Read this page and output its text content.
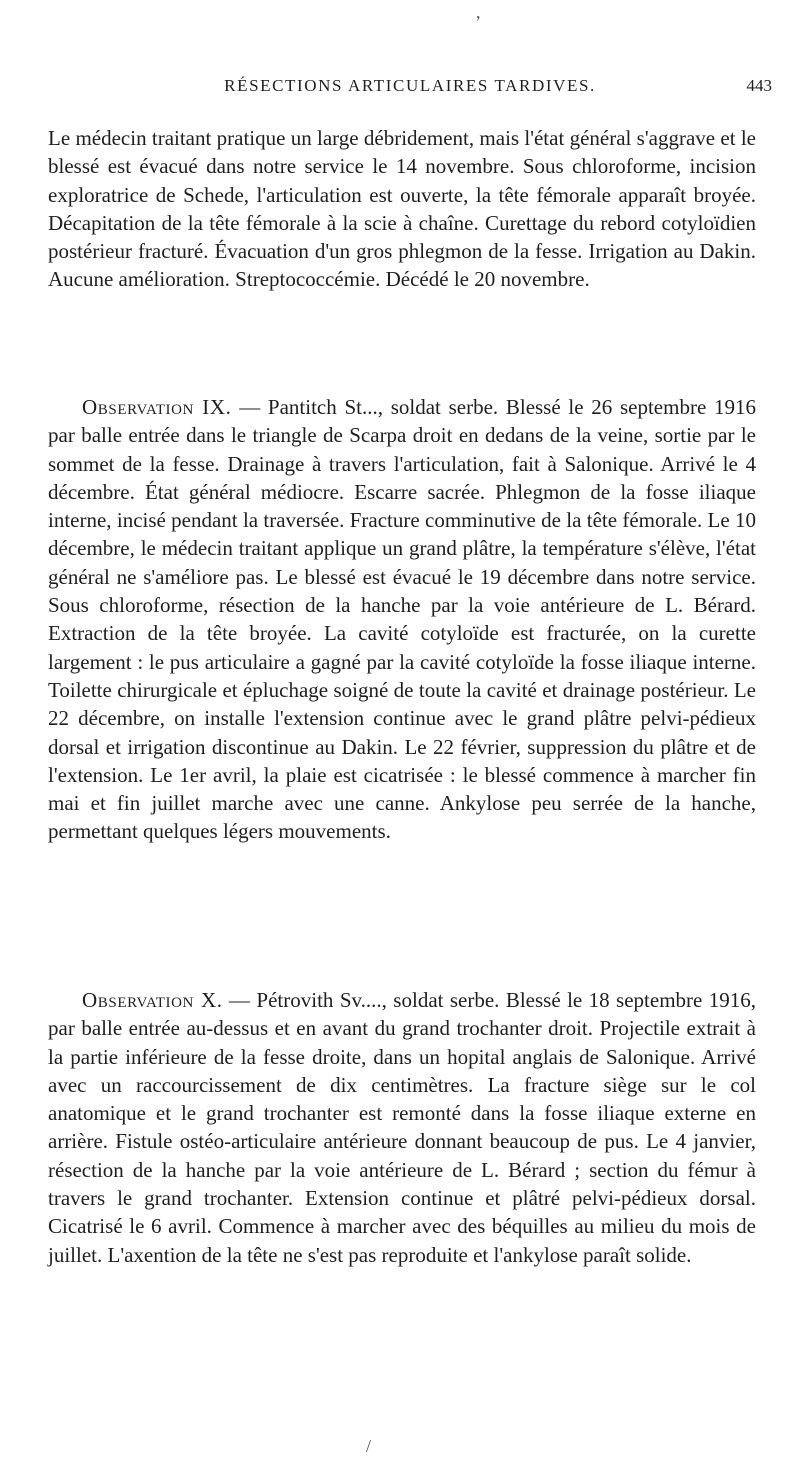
,
RÉSECTIONS ARTICULAIRES TARDIVES.	443

Le médecin traitant pratique un large débridement, mais l'état général s'aggrave et le blessé est évacué dans notre service le 14 novembre. Sous chloroforme, incision exploratrice de Schede, l'articulation est ouverte, la tête fémorale apparaît broyée. Décapitation de la tête fémorale à la scie à chaîne. Curettage du rebord cotyloïdien postérieur fracturé. Évacuation d'un gros phlegmon de la fesse. Irrigation au Dakin. Aucune amélioration. Streptococcémie. Décédé le 20 novembre.

Observation IX. — Pantitch St..., soldat serbe. Blessé le 26 septembre 1916 par balle entrée dans le triangle de Scarpa droit en dedans de la veine, sortie par le sommet de la fesse. Drainage à travers l'articulation, fait à Salonique. Arrivé le 4 décembre. État général médiocre. Escarre sacrée. Phlegmon de la fosse iliaque interne, incisé pendant la traversée. Fracture comminutive de la tête fémorale. Le 10 décembre, le médecin traitant applique un grand plâtre, la température s'élève, l'état général ne s'améliore pas. Le blessé est évacué le 19 décembre dans notre service. Sous chloroforme, résection de la hanche par la voie antérieure de L. Bérard. Extraction de la tête broyée. La cavité cotyloïde est fracturée, on la curette largement : le pus articulaire a gagné par la cavité cotyloïde la fosse iliaque interne. Toilette chirurgicale et épluchage soigné de toute la cavité et drainage postérieur. Le 22 décembre, on installe l'extension continue avec le grand plâtre pelvi-pédieux dorsal et irrigation discontinue au Dakin. Le 22 février, suppression du plâtre et de l'extension. Le 1er avril, la plaie est cicatrisée : le blessé commence à marcher fin mai et fin juillet marche avec une canne. Ankylose peu serrée de la hanche, permettant quelques légers mouvements.

Observation X. — Pétrovith Sv...., soldat serbe. Blessé le 18 septembre 1916, par balle entrée au-dessus et en avant du grand trochanter droit. Projectile extrait à la partie inférieure de la fesse droite, dans un hopital anglais de Salonique. Arrivé avec un raccourcissement de dix centimètres. La fracture siège sur le col anatomique et le grand trochanter est remonté dans la fosse iliaque externe en arrière. Fistule ostéo-articulaire antérieure donnant beaucoup de pus. Le 4 janvier, résection de la hanche par la voie antérieure de L. Bérard ; section du fémur à travers le grand trochanter. Extension continue et plâtré pelvi-pédieux dorsal. Cicatrisé le 6 avril. Commence à marcher avec des béquilles au milieu du mois de juillet. L'axention de la tête ne s'est pas reproduite et l'ankylose paraît solide.

/
